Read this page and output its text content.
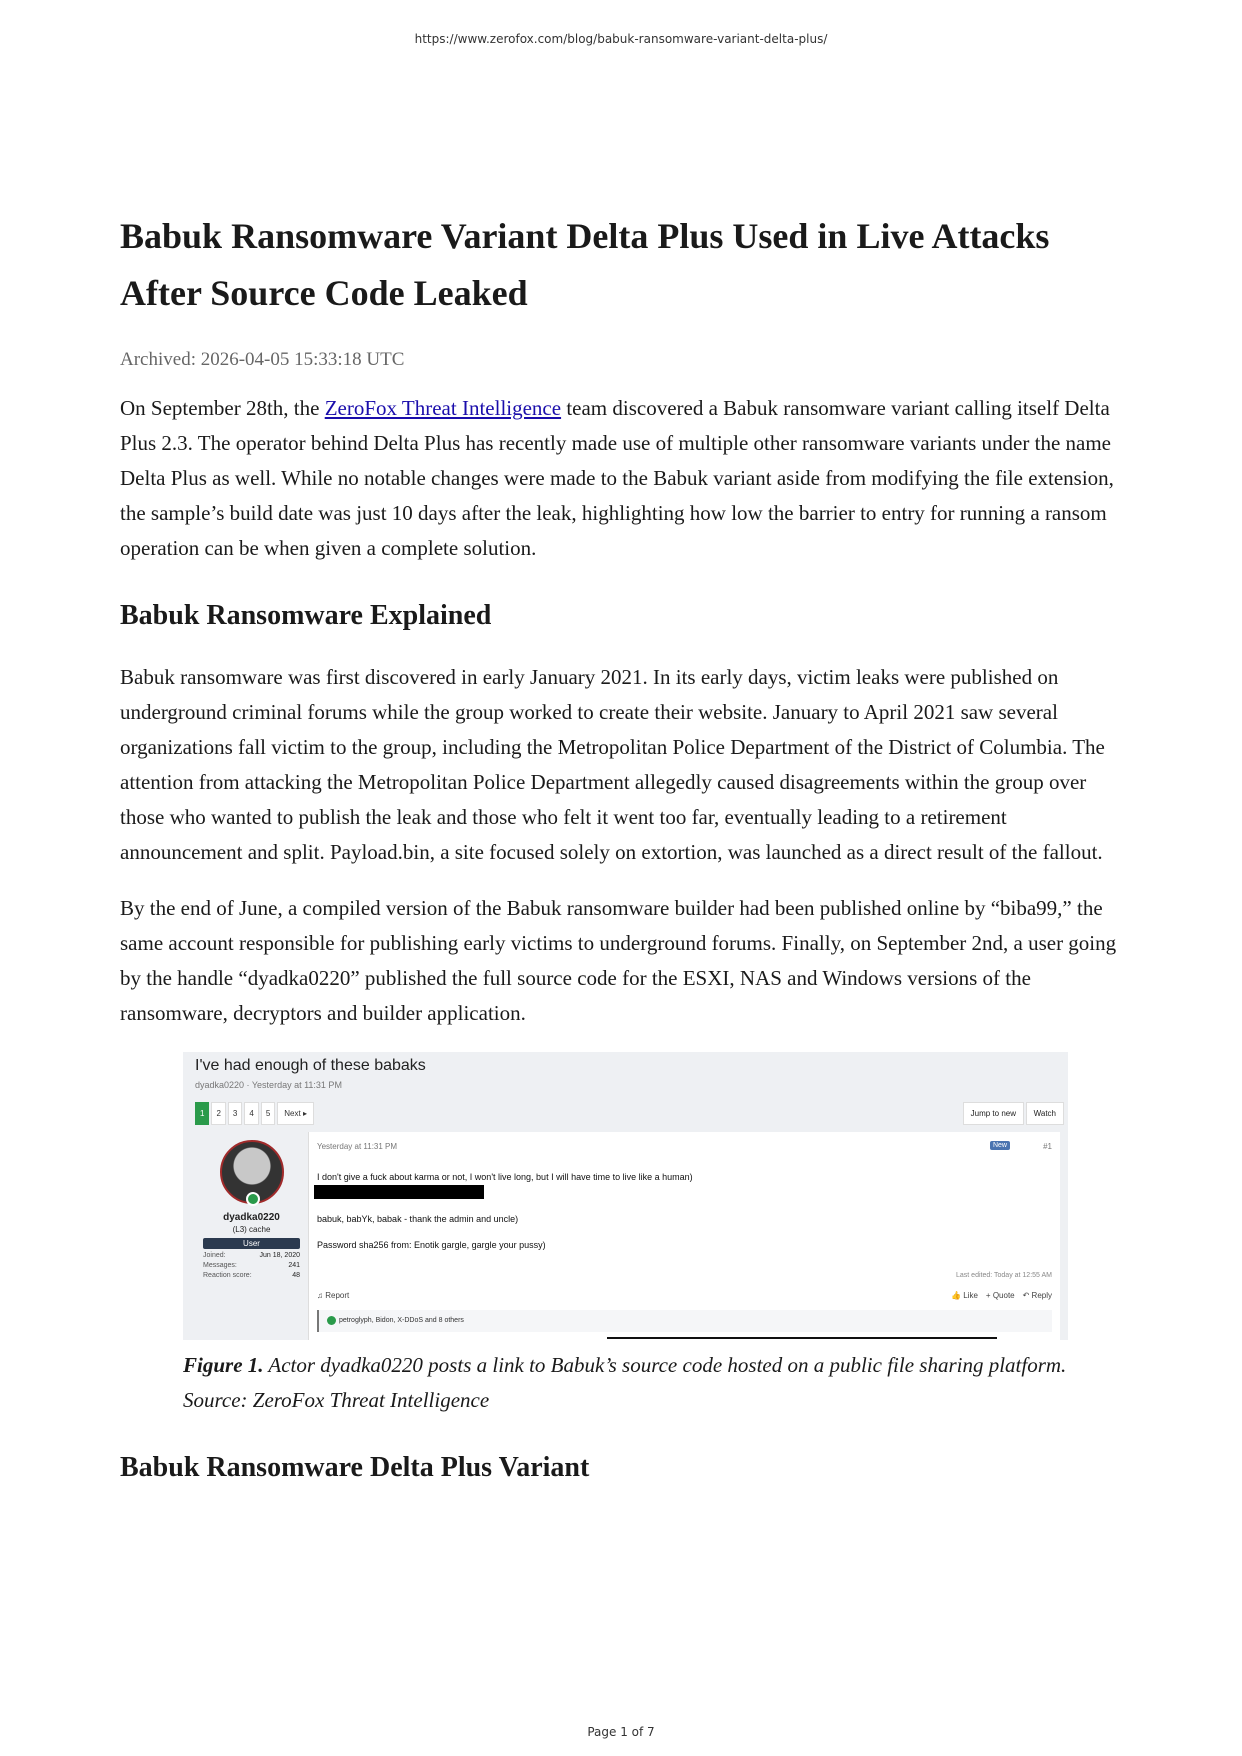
https://www.zerofox.com/blog/babuk-ransomware-variant-delta-plus/
Babuk Ransomware Variant Delta Plus Used in Live Attacks After Source Code Leaked
Archived: 2026-04-05 15:33:18 UTC

On September 28th, the ZeroFox Threat Intelligence team discovered a Babuk ransomware variant calling itself Delta Plus 2.3. The operator behind Delta Plus has recently made use of multiple other ransomware variants under the name Delta Plus as well. While no notable changes were made to the Babuk variant aside from modifying the file extension, the sample’s build date was just 10 days after the leak, highlighting how low the barrier to entry for running a ransom operation can be when given a complete solution.

Babuk Ransomware Explained

Babuk ransomware was first discovered in early January 2021. In its early days, victim leaks were published on underground criminal forums while the group worked to create their website. January to April 2021 saw several organizations fall victim to the group, including the Metropolitan Police Department of the District of Columbia. The attention from attacking the Metropolitan Police Department allegedly caused disagreements within the group over those who wanted to publish the leak and those who felt it went too far, eventually leading to a retirement announcement and split. Payload.bin, a site focused solely on extortion, was launched as a direct result of the fallout.

By the end of June, a compiled version of the Babuk ransomware builder had been published online by “biba99,” the same account responsible for publishing early victims to underground forums. Finally, on September 2nd, a user going by the handle “dyadka0220” published the full source code for the ESXI, NAS and Windows versions of the ransomware, decryptors and builder application.

I've had enough of these babaks
dyadka0220 · Yesterday at 11:31 PM
1	2	3	4	5	Next ▸	Jump to new	Watch
dyadka0220
(L3) cache
User
Joined:	Jun 18, 2020
Messages:	241
Reaction score:	48
Yesterday at 11:31 PM	New	#1
I don't give a fuck about karma or not, I won't live long, but I will have time to live like a human)
babuk, babYk, babak - thank the admin and uncle)
Password sha256 from: Enotik gargle, gargle your pussy)
Last edited: Today at 12:55 AM
♫ Report	👍 Like + Quote ↶ Reply
petroglyph, Bidon, X-DDoS and 8 others
Figure 1. Actor dyadka0220 posts a link to Babuk’s source code hosted on a public file sharing platform.
Source: ZeroFox Threat Intelligence
Babuk Ransomware Delta Plus Variant
Page 1 of 7
